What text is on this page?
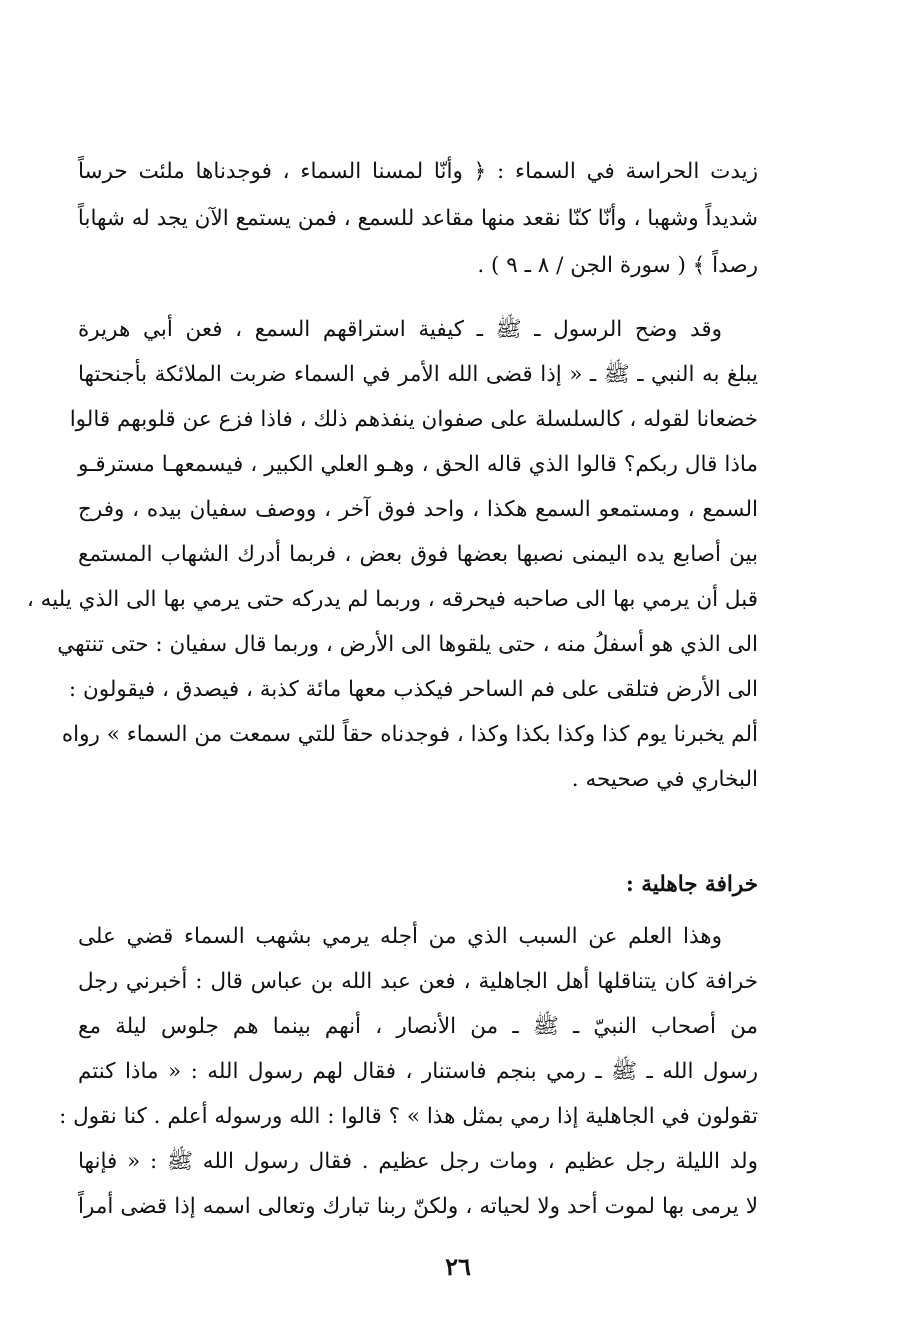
زيدت الحراسة في السماء : ﴿ وأنّا لمسنا السماء ، فوجدناها ملئت حرساً
شديداً وشهبا ، وأنّا كنّا نقعد منها مقاعد للسمع ، فمن يستمع الآن يجد له شهاباً
رصداً ﴾ ( سورة الجن / ٨ ـ ٩ ) .
وقد وضح الرسول ـ ﷺ ـ كيفية استراقهم السمع ، فعن أبي هريرة
يبلغ به النبي ـ ﷺ ـ « إذا قضى الله الأمر في السماء ضربت الملائكة بأجنحتها
خضعانا لقوله ، كالسلسلة على صفوان ينفذهم ذلك ، فاذا فزع عن قلوبهم قالوا
ماذا قال ربكم؟ قالوا الذي قاله الحق ، وهـو العلي الكبير ، فيسمعهـا مسترقـو
السمع ، ومستمعو السمع هكذا ، واحد فوق آخر ، ووصف سفيان بيده ، وفرج
بين أصابع يده اليمنى نصبها بعضها فوق بعض ، فربما أدرك الشهاب المستمع
قبل أن يرمي بها الى صاحبه فيحرقه ، وربما لم يدركه حتى يرمي بها الى الذي يليه ،
الى الذي هو أسفلُ منه ، حتى يلقوها الى الأرض ، وربما قال سفيان : حتى تنتهي
الى الأرض فتلقى على فم الساحر فيكذب معها مائة كذبة ، فيصدق ، فيقولون :
ألم يخبرنا يوم كذا وكذا بكذا وكذا ، فوجدناه حقاً للتي سمعت من السماء » رواه
البخاري في صحيحه .
خرافة جاهلية :
وهذا العلم عن السبب الذي من أجله يرمي بشهب السماء قضي على
خرافة كان يتناقلها أهل الجاهلية ، فعن عبد الله بن عباس قال : أخبرني رجل
من أصحاب النبيّ ـ ﷺ ـ من الأنصار ، أنهم بينما هم جلوس ليلة مع
رسول الله ـ ﷺ ـ رمي بنجم فاستنار ، فقال لهم رسول الله : « ماذا كنتم
تقولون في الجاهلية إذا رمي بمثل هذا » ؟ قالوا : الله ورسوله أعلم . كنا نقول :
ولد الليلة رجل عظيم ، ومات رجل عظيم . فقال رسول الله ﷺ : « فإنها
لا يرمى بها لموت أحد ولا لحياته ، ولكنّ ربنا تبارك وتعالى اسمه إذا قضى أمراً
٢٦
